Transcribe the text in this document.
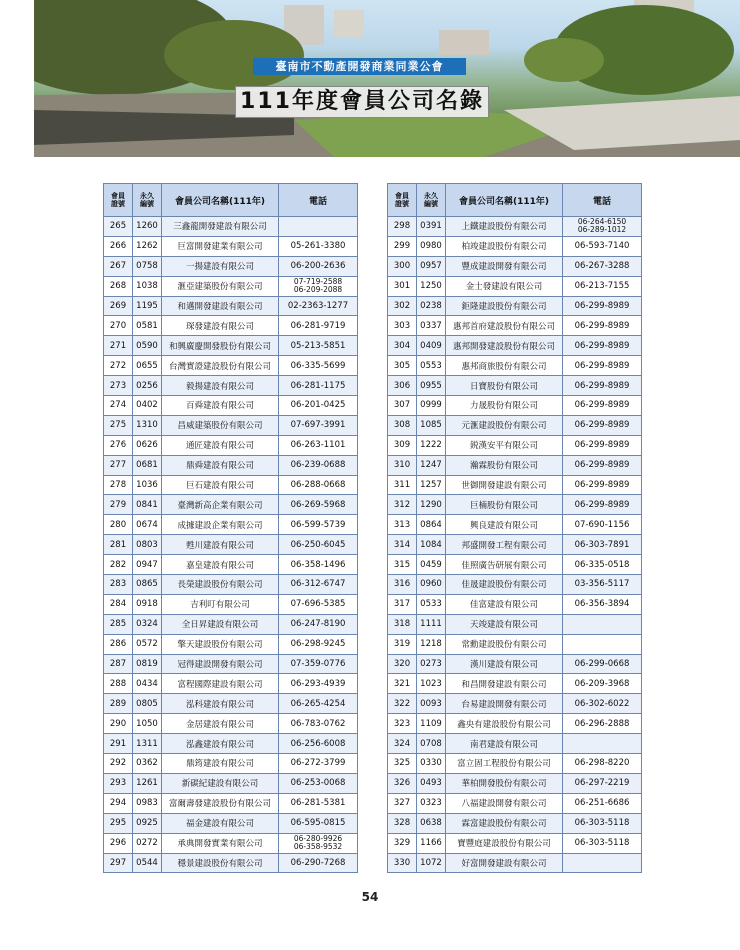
臺南市不動產開發商業同業公會
111年度會員公司名錄
會員
證號	永久
編號	會員公司名稱(111年)	電話
265	1260	三鑫龍開發建設有限公司	
266	1262	巨富開發建業有限公司	05-261-3380
267	0758	一揚建設有限公司	06-200-2636
268	1038	滙亞建築股份有限公司	07-719-2588
06-209-2088
269	1195	和邁開發建設有限公司	02-2363-1277
270	0581	琛發建設有限公司	06-281-9719
271	0590	和興廣慶開發股份有限公司	05-213-5851
272	0655	台灣實證建設股份有限公司	06-335-5699
273	0256	毅揚建設有限公司	06-281-1175
274	0402	百舜建設有限公司	06-201-0425
275	1310	昌威建築股份有限公司	07-697-3991
276	0626	通匠建設有限公司	06-263-1101
277	0681	鼎舜建設有限公司	06-239-0688
278	1036	巨石建設有限公司	06-288-0668
279	0841	臺灣新高企業有限公司	06-269-5968
280	0674	成據建設企業有限公司	06-599-5739
281	0803	甦川建設有限公司	06-250-6045
282	0947	嘉皇建設有限公司	06-358-1496
283	0865	長榮建設股份有限公司	06-312-6747
284	0918	吉利叮有限公司	07-696-5385
285	0324	全日昇建設有限公司	06-247-8190
286	0572	擎天建設股份有限公司	06-298-9245
287	0819	冠得建設開發有限公司	07-359-0776
288	0434	富程國際建設有限公司	06-293-4939
289	0805	泓科建設有限公司	06-265-4254
290	1050	金居建設有限公司	06-783-0762
291	1311	泓鑫建設有限公司	06-256-6008
292	0362	鼎筠建設有限公司	06-272-3799
293	1261	新碳紀建設有限公司	06-253-0068
294	0983	富爾壽發建設股份有限公司	06-281-5381
295	0925	福金建設有限公司	06-595-0815
296	0272	承典開發實業有限公司	06-280-9926
06-358-9532
297	0544	穩景建設股份有限公司	06-290-7268
會員
證號	永久
編號	會員公司名稱(111年)	電話
298	0391	上鐵建設股份有限公司	06-264-6150
06-289-1012
299	0980	柏竣建設股份有限公司	06-593-7140
300	0957	豐成建設開發有限公司	06-267-3288
301	1250	金士發建設有限公司	06-213-7155
302	0238	鉅隆建設股份有限公司	06-299-8989
303	0337	惠邦首府建設股份有限公司	06-299-8989
304	0409	惠邦開發建設股份有限公司	06-299-8989
305	0553	惠邦商旅股份有限公司	06-299-8989
306	0955	日寶股份有限公司	06-299-8989
307	0999	力晟股份有限公司	06-299-8989
308	1085	元滙建設股份有限公司	06-299-8989
309	1222	鋭漢安平有限公司	06-299-8989
310	1247	瀚霖股份有限公司	06-299-8989
311	1257	世御開發建設有限公司	06-299-8989
312	1290	巨楠股份有限公司	06-299-8989
313	0864	興良建設有限公司	07-690-1156
314	1084	邦盛開發工程有限公司	06-303-7891
315	0459	佳照廣告研展有限公司	06-335-0518
316	0960	佳晟建設股份有限公司	03-356-5117
317	0533	佳富建設有限公司	06-356-3894
318	1111	天竣建設有限公司	
319	1218	常勳建設股份有限公司	
320	0273	漢川建設有限公司	06-299-0668
321	1023	和昌開發建設有限公司	06-209-3968
322	0093	台易建設開發有限公司	06-302-6022
323	1109	鑫央有建設股份有限公司	06-296-2888
324	0708	南君建設有限公司	
325	0330	富立固工程股份有限公司	06-298-8220
326	0493	華柏開發股份有限公司	06-297-2219
327	0323	八福建設開發有限公司	06-251-6686
328	0638	霖富建設股份有限公司	06-303-5118
329	1166	寶豐庭建設股份有限公司	06-303-5118
330	1072	好富開發建設有限公司	
54
